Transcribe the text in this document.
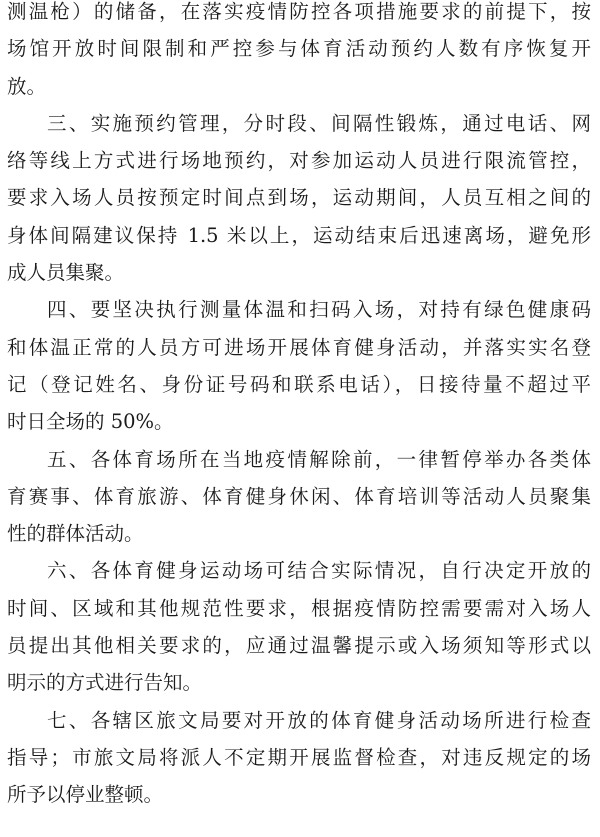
测温枪）的储备，在落实疫情防控各项措施要求的前提下，按
场馆开放时间限制和严控参与体育活动预约人数有序恢复开
放。
三、实施预约管理，分时段、间隔性锻炼，通过电话、网
络等线上方式进行场地预约，对参加运动人员进行限流管控，
要求入场人员按预定时间点到场，运动期间，人员互相之间的
身体间隔建议保持 1.5 米以上，运动结束后迅速离场，避免形
成人员集聚。
四、要坚决执行测量体温和扫码入场，对持有绿色健康码
和体温正常的人员方可进场开展体育健身活动，并落实实名登
记（登记姓名、身份证号码和联系电话），日接待量不超过平
时日全场的 50%。
五、各体育场所在当地疫情解除前，一律暂停举办各类体
育赛事、体育旅游、体育健身休闲、体育培训等活动人员聚集
性的群体活动。
六、各体育健身运动场可结合实际情况，自行决定开放的
时间、区域和其他规范性要求，根据疫情防控需要需对入场人
员提出其他相关要求的，应通过温馨提示或入场须知等形式以
明示的方式进行告知。
七、各辖区旅文局要对开放的体育健身活动场所进行检查
指导；市旅文局将派人不定期开展监督检查，对违反规定的场
所予以停业整顿。
